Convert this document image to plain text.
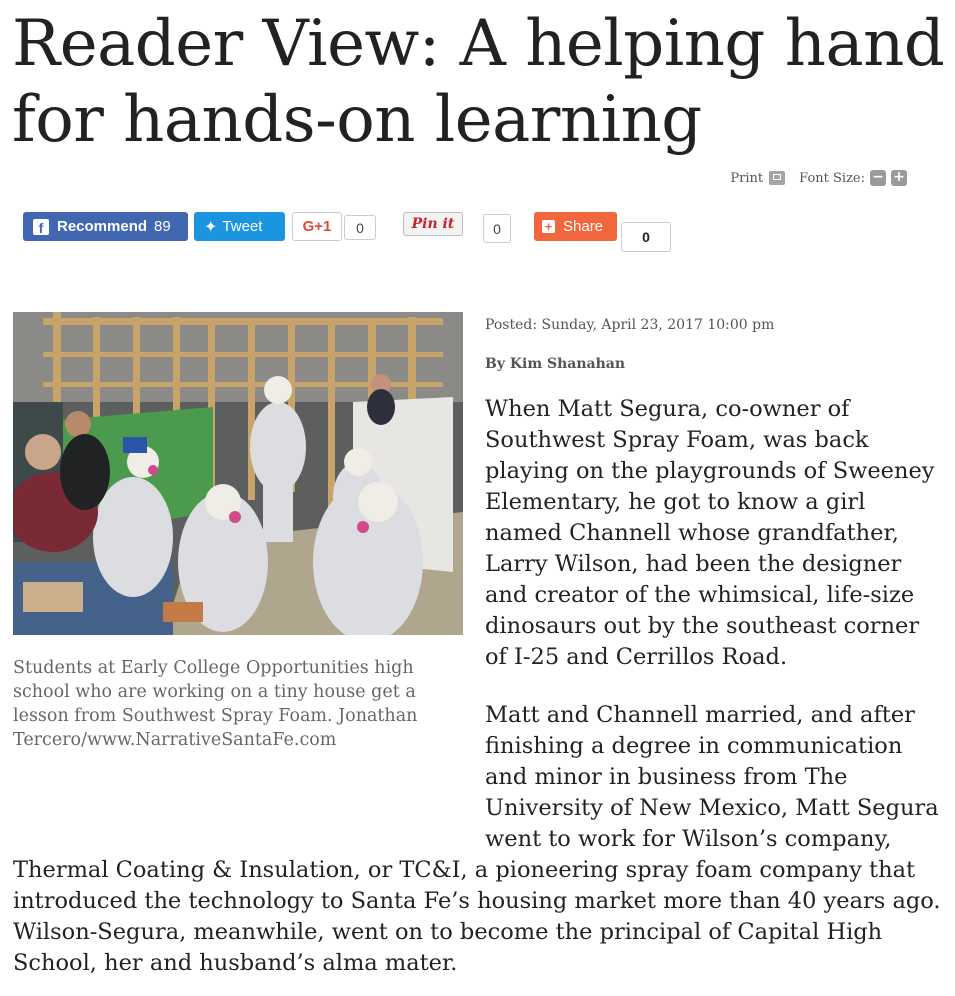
Reader View: A helping hand for hands-on learning
Print	Font Size: − +
f Recommend 89 ✦ Tweet	G+1	0	Pin it	0	+ Share
0

Students at Early College Opportunities high school who are working on a tiny house get a lesson from Southwest Spray Foam. Jonathan Tercero/www.NarrativeSantaFe.com

Posted: Sunday, April 23, 2017 10:00 pm
By Kim Shanahan

When Matt Segura, co-owner of Southwest Spray Foam, was back playing on the playgrounds of Sweeney Elementary, he got to know a girl named Channell whose grandfather, Larry Wilson, had been the designer and creator of the whimsical, life-size dinosaurs out by the southeast corner of I-25 and Cerrillos Road.

Matt and Channell married, and after finishing a degree in communication and minor in business from The University of New Mexico, Matt Segura went to work for Wilson’s company,

Thermal Coating & Insulation, or TC&I, a pioneering spray foam company that introduced the technology to Santa Fe’s housing market more than 40 years ago. Wilson-Segura, meanwhile, went on to become the principal of Capital High School, her and husband’s alma mater.
